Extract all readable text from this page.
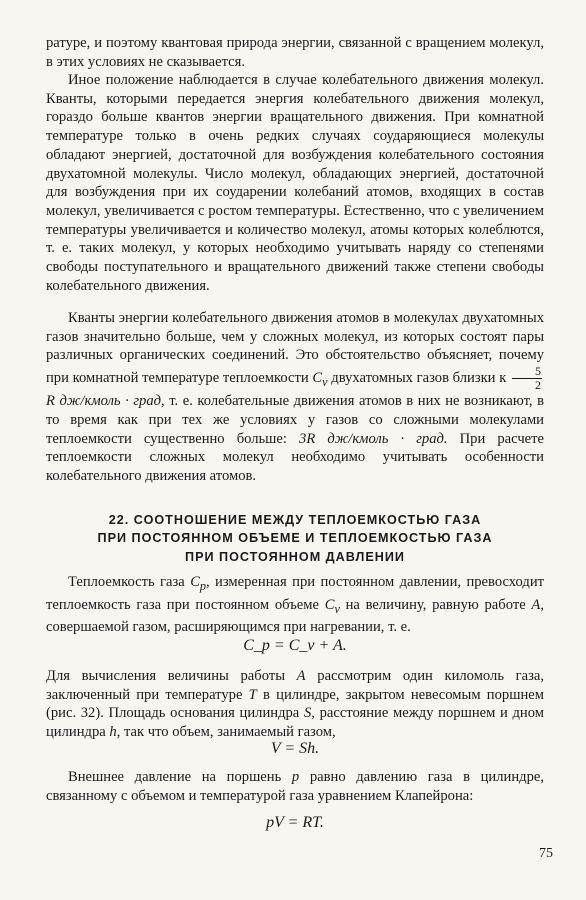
ратуре, и поэтому квантовая природа энергии, связанной с вращением молекул, в этих условиях не сказывается.

Иное положение наблюдается в случае колебательного движения молекул. Кванты, которыми передается энергия колебательного движения молекул, гораздо больше квантов энергии вращательного движения. При комнатной температуре только в очень редких случаях соударяющиеся молекулы обладают энергией, достаточной для возбуждения колебательного состояния двухатомной молекулы. Число молекул, обладающих энергией, достаточной для возбуждения при их соударении колебаний атомов, входящих в состав молекул, увеличивается с ростом температуры. Естественно, что с увеличением температуры увеличивается и количество молекул, атомы которых колеблются, т. е. таких молекул, у которых необходимо учитывать наряду со степенями свободы поступательного и вращательного движений также степени свободы колебательного движения.

Кванты энергии колебательного движения атомов в молекулах двухатомных газов значительно больше, чем у сложных молекул, из которых состоят пары различных органических соединений. Это обстоятельство объясняет, почему при комнатной температуре теплоемкости $C_v$ двухатомных газов близки к $\frac{5}{2}$
R дж/кмоль · град, т. е. колебательные движения атомов в них не возникают, в то время как при тех же условиях у газов со сложными молекулами теплоемкости существенно больше: 3R дж/кмоль · град. При расчете теплоемкости сложных молекул необходимо учитывать особенности колебательного движения атомов.

22. СООТНОШЕНИЕ МЕЖДУ ТЕПЛОЕМКОСТЬЮ ГАЗА
ПРИ ПОСТОЯННОМ ОБЪЕМЕ И ТЕПЛОЕМКОСТЬЮ ГАЗА
ПРИ ПОСТОЯННОМ ДАВЛЕНИИ

Теплоемкость газа $C_p$, измеренная при постоянном давлении, превосходит теплоемкость газа при постоянном объеме $C_v$ на величину, равную работе A, совершаемой газом, расширяющимся при нагревании, т. е.

C_p = C_v + A.

Для вычисления величины работы A рассмотрим один киломоль газа, заключенный при температуре T в цилиндре, закрытом невесомым поршнем (рис. 32). Площадь основания цилиндра S, расстояние между поршнем и дном цилиндра h, так что объем, занимаемый газом,

V = Sh.

Внешнее давление на поршень p равно давлению газа в цилиндре, связанному с объемом и температурой газа уравнением Клапейрона:

pV = RT.

75
